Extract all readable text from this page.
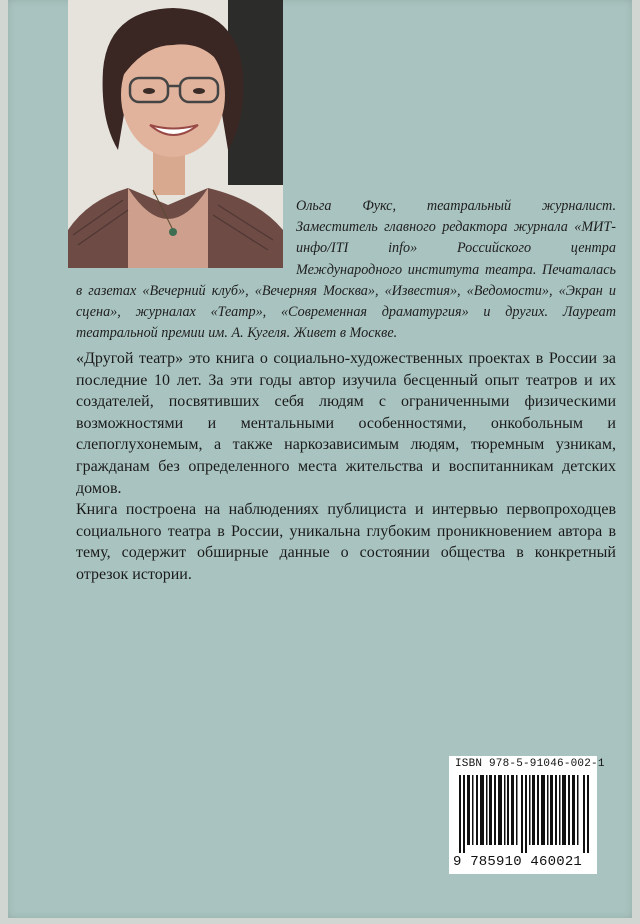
Ольга Фукс, театральный журналист. Заместитель главного редактора журнала «МИТ-инфо/ITI info» Российского центра Международного института театра. Печаталась в газетах «Вечерний клуб», «Вечерняя Москва», «Известия», «Ведомости», «Экран и сцена», журналах «Театр», «Современная драматургия» и других. Лауреат театральной премии им. А. Кугеля. Живет в Москве.

«Другой театр» это книга о социально-художественных проектах в России за последние 10 лет. За эти годы автор изучила бесценный опыт театров и их создателей, посвятивших себя людям с ограниченными физическими возможностями и ментальными особенностями, онкобольным и слепоглухонемым, а также наркозависимым людям, тюремным узникам, гражданам без определенного места жительства и воспитанникам детских домов.

Книга построена на наблюдениях публициста и интервью первопроходцев социального театра в России, уникальна глубоким проникновением автора в тему, содержит обширные данные о состоянии общества в конкретный отрезок истории.

ISBN 978-5-91046-002-1
9 785910 460021
